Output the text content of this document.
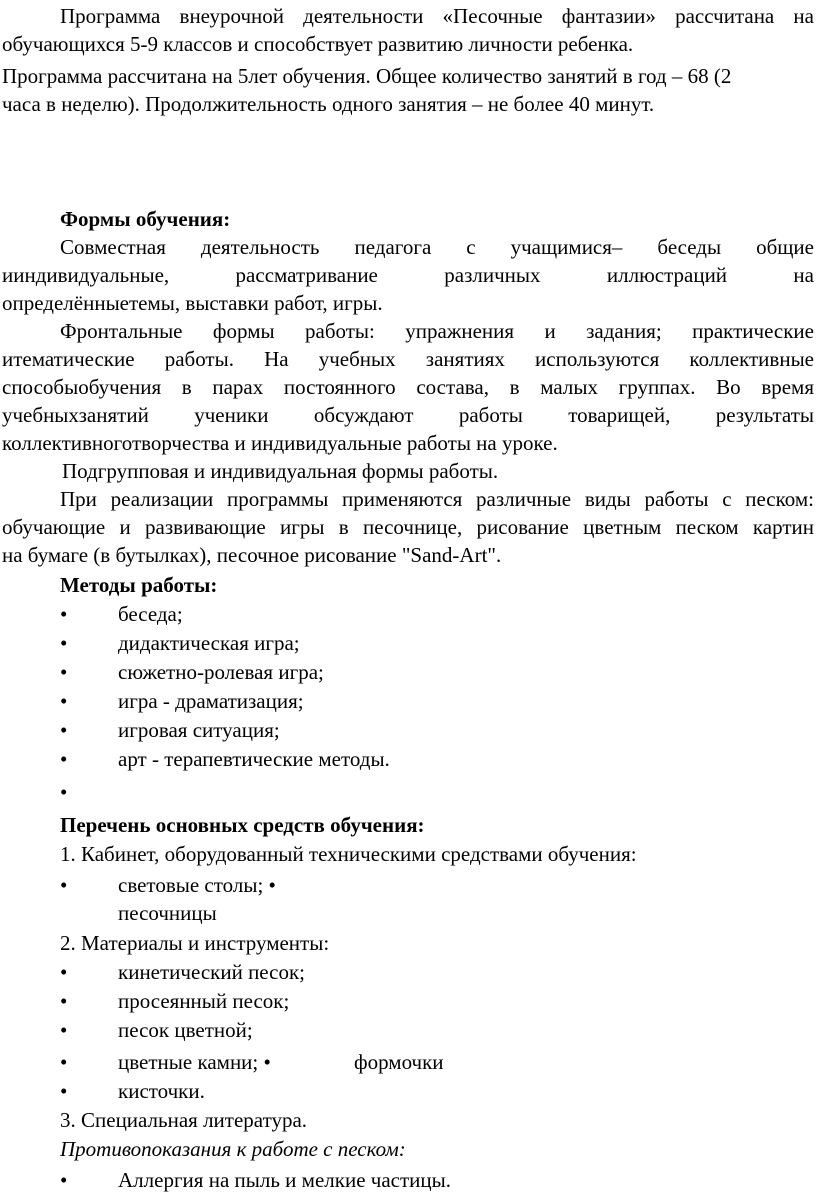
Программа внеурочной деятельности «Песочные фантазии» рассчитана на
обучающихся 5-9 классов и способствует развитию личности ребенка.
Программа рассчитана на 5лет обучения. Общее количество занятий в год – 68 (2
часа в неделю). Продолжительность одного занятия – не более 40 минут.
Формы обучения:
Совместная деятельность педагога с учащимися– беседы общие
ииндивидуальные, рассматривание различных иллюстраций на
определённыетемы, выставки работ, игры.
Фронтальные формы работы: упражнения и задания; практические
итематические работы. На учебных занятиях используются коллективные
способыобучения в парах постоянного состава, в малых группах. Во время
учебныхзанятий ученики обсуждают работы товарищей, результаты
коллективноготворчества и индивидуальные работы на уроке.
Подгрупповая и индивидуальная формы работы.
При реализации программы применяются различные виды работы с песком:
обучающие и развивающие игры в песочнице, рисование цветным песком картин
на бумаге (в бутылках), песочное рисование "Sand-Art".
Методы работы:
• беседа;
• дидактическая игра;
• сюжетно-ролевая игра;
• игра - драматизация;
• игровая ситуация;
• арт - терапевтические методы.
•
Перечень основных средств обучения:
1. Кабинет, оборудованный техническими средствами обучения:
• световые столы; •
песочницы
2. Материалы и инструменты:
• кинетический песок;
• просеянный песок;
• песок цветной;
• цветные камни; •	формочки
• кисточки.
3. Специальная литература.
Противопоказания к работе с песком:
• Аллергия на пыль и мелкие частицы.
